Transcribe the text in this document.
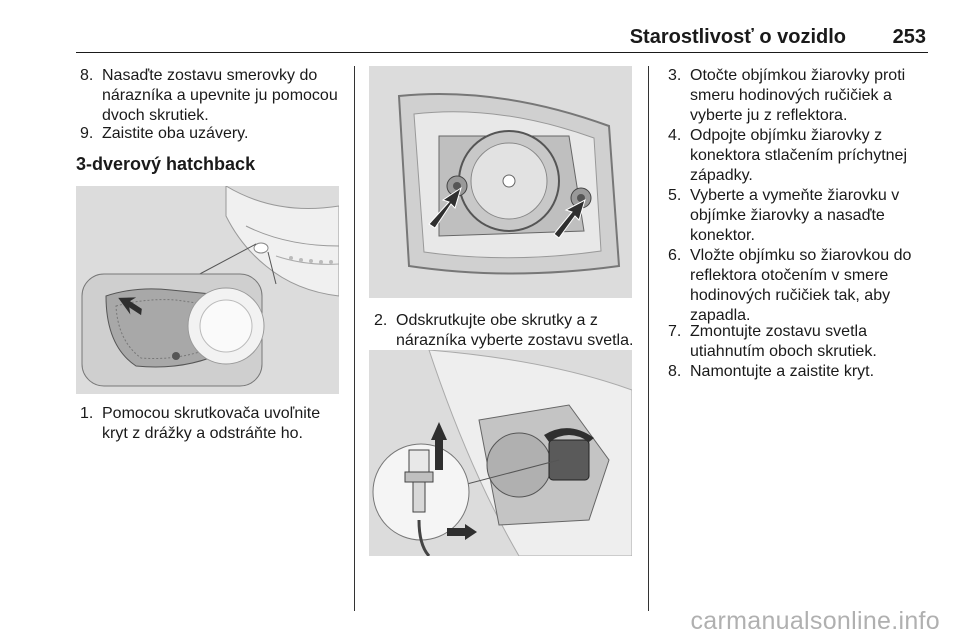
Starostlivosť o vozidlo 253
8. Nasaďte zostavu smerovky do nárazníka a upevnite ju pomocou dvoch skrutiek.
9. Zaistite oba uzávery.
3-dverový hatchback
1. Pomocou skrutkovača uvoľnite kryt z drážky a odstráňte ho.
2. Odskrutkujte obe skrutky a z nárazníka vyberte zostavu svetla.
3. Otočte objímkou žiarovky proti smeru hodinových ručičiek a vyberte ju z reflektora.
4. Odpojte objímku žiarovky z konektora stlačením príchytnej západky.
5. Vyberte a vymeňte žiarovku v objímke žiarovky a nasaďte konektor.
6. Vložte objímku so žiarovkou do reflektora otočením v smere hodinových ručičiek tak, aby zapadla.
7. Zmontujte zostavu svetla utiahnutím oboch skrutiek.
8. Namontujte a zaistite kryt.
carmanualsonline.info
